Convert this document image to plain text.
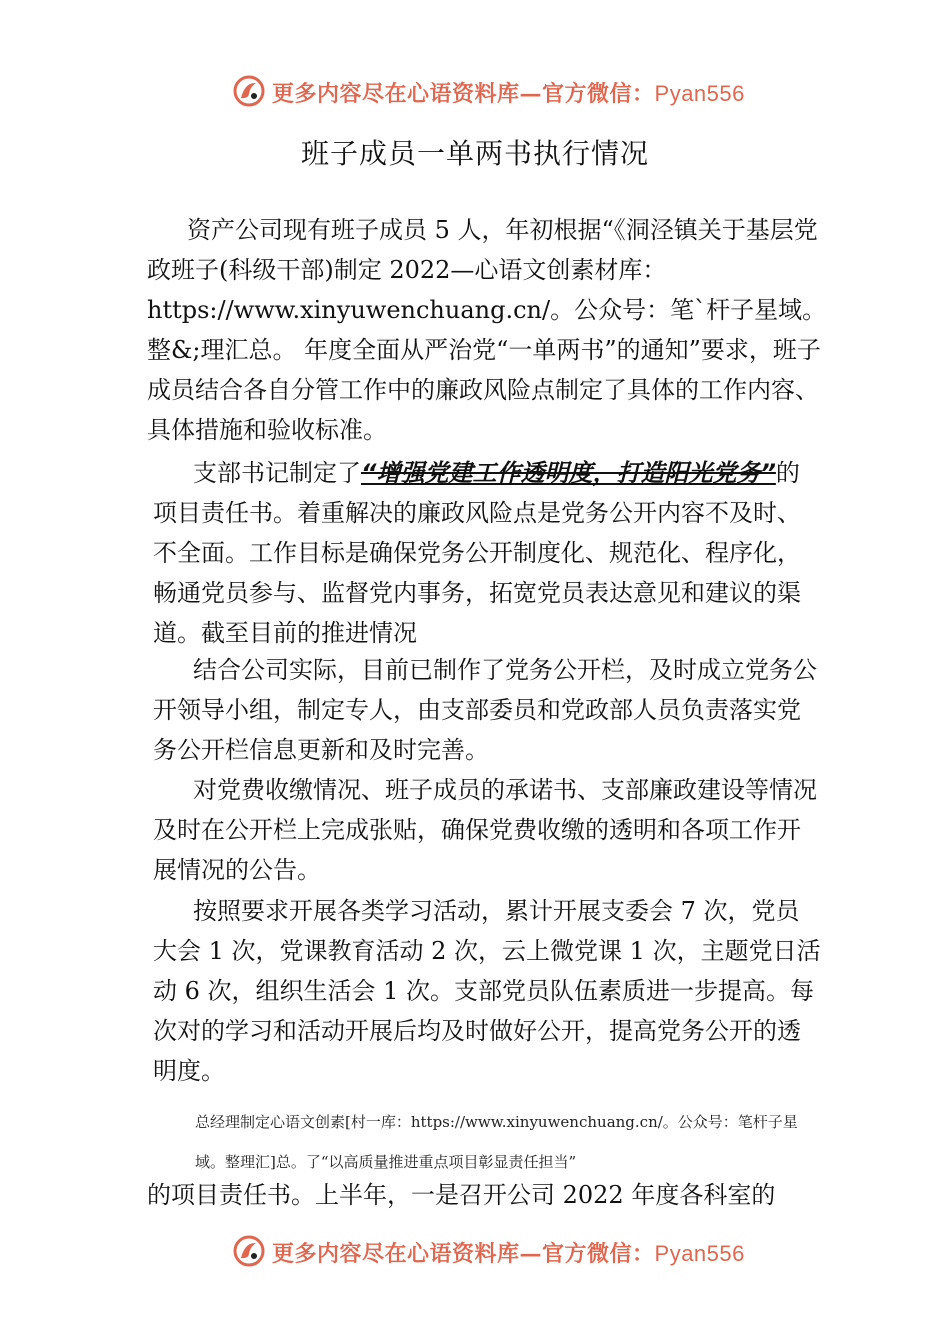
更多内容尽在心语资料库—官方微信：Pyan556
班子成员一单两书执行情况

资产公司现有班子成员 5 人，年初根据“《洞泾镇关于基层党政班子(科级干部)制定 2022—心语文创素材库：https://www.xinyuwenchuang.cn/。公众号：笔`杆子星域。整&;理汇总。 年度全面从严治党“一单两书”的通知”要求，班子成员结合各自分管工作中的廉政风险点制定了具体的工作内容、具体措施和验收标准。

支部书记制定了“增强党建工作透明度，打造阳光党务”的项目责任书。着重解决的廉政风险点是党务公开内容不及时、不全面。工作目标是确保党务公开制度化、规范化、程序化，畅通党员参与、监督党内事务，拓宽党员表达意见和建议的渠道。截至目前的推进情况

结合公司实际，目前已制作了党务公开栏，及时成立党务公开领导小组，制定专人，由支部委员和党政部人员负责落实党务公开栏信息更新和及时完善。

对党费收缴情况、班子成员的承诺书、支部廉政建设等情况及时在公开栏上完成张贴，确保党费收缴的透明和各项工作开展情况的公告。

按照要求开展各类学习活动，累计开展支委会 7 次，党员大会 1 次，党课教育活动 2 次，云上微党课 1 次，主题党日活动 6 次，组织生活会 1 次。支部党员队伍素质进一步提高。每次对的学习和活动开展后均及时做好公开，提高党务公开的透明度。

总经理制定心语文创素[村一库：https://www.xinyuwenchuang.cn/。公众号：笔杆子星域。整理汇]总。了“以高质量推进重点项目彰显责任担当”

的项目责任书。上半年，一是召开公司 2022 年度各科室的

更多内容尽在心语资料库—官方微信：Pyan556
